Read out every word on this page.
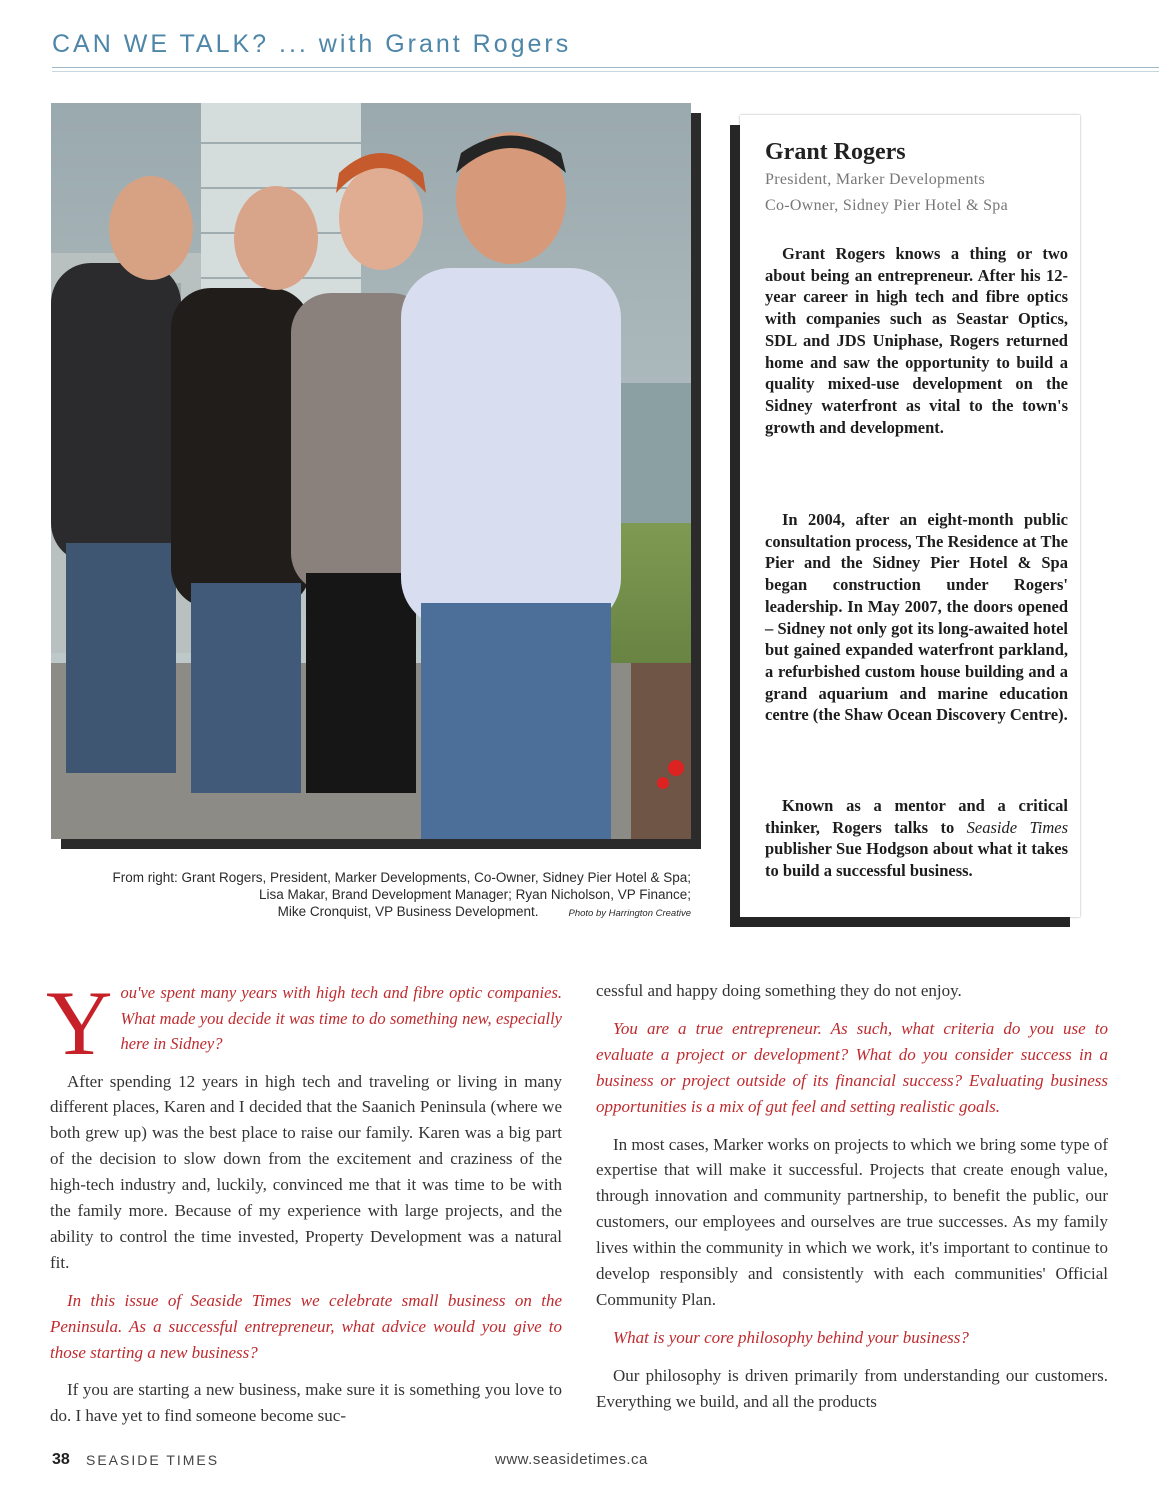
CAN WE TALK? ... with Grant Rogers
From right: Grant Rogers, President, Marker Developments, Co-Owner, Sidney Pier Hotel & Spa;
Lisa Makar, Brand Development Manager; Ryan Nicholson, VP Finance;
Mike Cronquist, VP Business Development.	Photo by Harrington Creative
Grant Rogers
President, Marker Developments
Co-Owner, Sidney Pier Hotel & Spa
Grant Rogers knows a thing or two about being an entrepreneur. After his 12-year career in high tech and fibre optics with companies such as Seastar Optics, SDL and JDS Uniphase, Rogers returned home and saw the opportunity to build a quality mixed-use development on the Sidney waterfront as vital to the town's growth and development.
In 2004, after an eight-month public consultation process, The Residence at The Pier and the Sidney Pier Hotel & Spa began construction under Rogers' leadership. In May 2007, the doors opened – Sidney not only got its long-awaited hotel but gained expanded waterfront parkland, a refurbished custom house building and a grand aquarium and marine education centre (the Shaw Ocean Discovery Centre).
Known as a mentor and a critical thinker, Rogers talks to Seaside Times publisher Sue Hodgson about what it takes to build a successful business.

You've spent many years with high tech and fibre optic companies. What made you decide it was time to do something new, especially here in Sidney?

After spending 12 years in high tech and traveling or living in many different places, Karen and I decided that the Saanich Peninsula (where we both grew up) was the best place to raise our family. Karen was a big part of the decision to slow down from the excitement and craziness of the high-tech industry and, luckily, convinced me that it was time to be with the family more. Because of my experience with large projects, and the ability to control the time invested, Property Development was a natural fit.

In this issue of Seaside Times we celebrate small business on the Peninsula. As a successful entrepreneur, what advice would you give to those starting a new business?

If you are starting a new business, make sure it is something you love to do. I have yet to find someone become suc-

cessful and happy doing something they do not enjoy.

You are a true entrepreneur. As such, what criteria do you use to evaluate a project or development? What do you consider success in a business or project outside of its financial success? Evaluating business opportunities is a mix of gut feel and setting realistic goals.

In most cases, Marker works on projects to which we bring some type of expertise that will make it successful. Projects that create enough value, through innovation and community partnership, to benefit the public, our customers, our employees and ourselves are true successes. As my family lives within the community in which we work, it's important to continue to develop responsibly and consistently with each communities' Official Community Plan.

What is your core philosophy behind your business?

Our philosophy is driven primarily from understanding our customers. Everything we build, and all the products

38 SEASIDE TIMES	www.seasidetimes.ca
